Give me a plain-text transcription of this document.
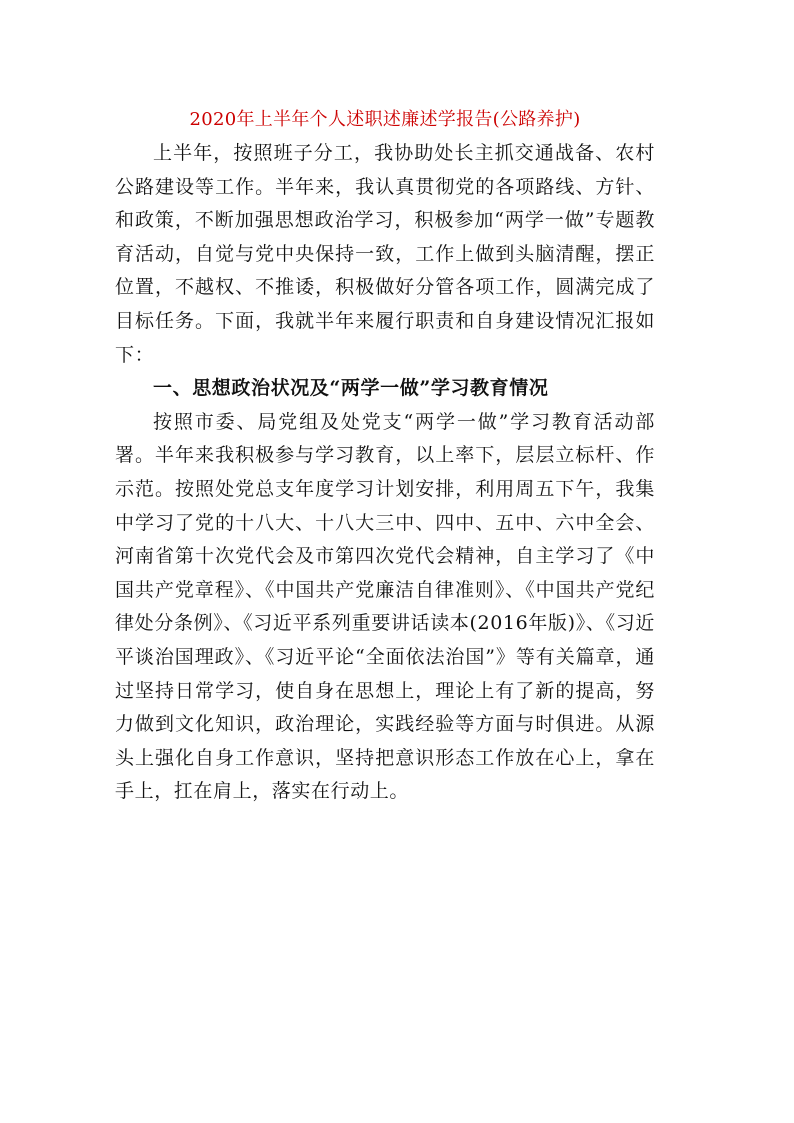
2020年上半年个人述职述廉述学报告(公路养护)

上半年，按照班子分工，我协助处长主抓交通战备、农村公路建设等工作。半年来，我认真贯彻党的各项路线、方针、和政策，不断加强思想政治学习，积极参加“两学一做”专题教育活动，自觉与党中央保持一致，工作上做到头脑清醒，摆正位置，不越权、不推诿，积极做好分管各项工作，圆满完成了目标任务。下面，我就半年来履行职责和自身建设情况汇报如下：

一、思想政治状况及“两学一做”学习教育情况

按照市委、局党组及处党支“两学一做”学习教育活动部署。半年来我积极参与学习教育，以上率下，层层立标杆、作示范。按照处党总支年度学习计划安排，利用周五下午，我集中学习了党的十八大、十八大三中、四中、五中、六中全会、河南省第十次党代会及市第四次党代会精神，自主学习了《中国共产党章程》、《中国共产党廉洁自律准则》、《中国共产党纪律处分条例》、《习近平系列重要讲话读本(2016年版)》、《习近平谈治国理政》、《习近平论“全面依法治国”》等有关篇章，通过坚持日常学习，使自身在思想上，理论上有了新的提高，努力做到文化知识，政治理论，实践经验等方面与时俱进。从源头上强化自身工作意识，坚持把意识形态工作放在心上，拿在手上，扛在肩上，落实在行动上。
